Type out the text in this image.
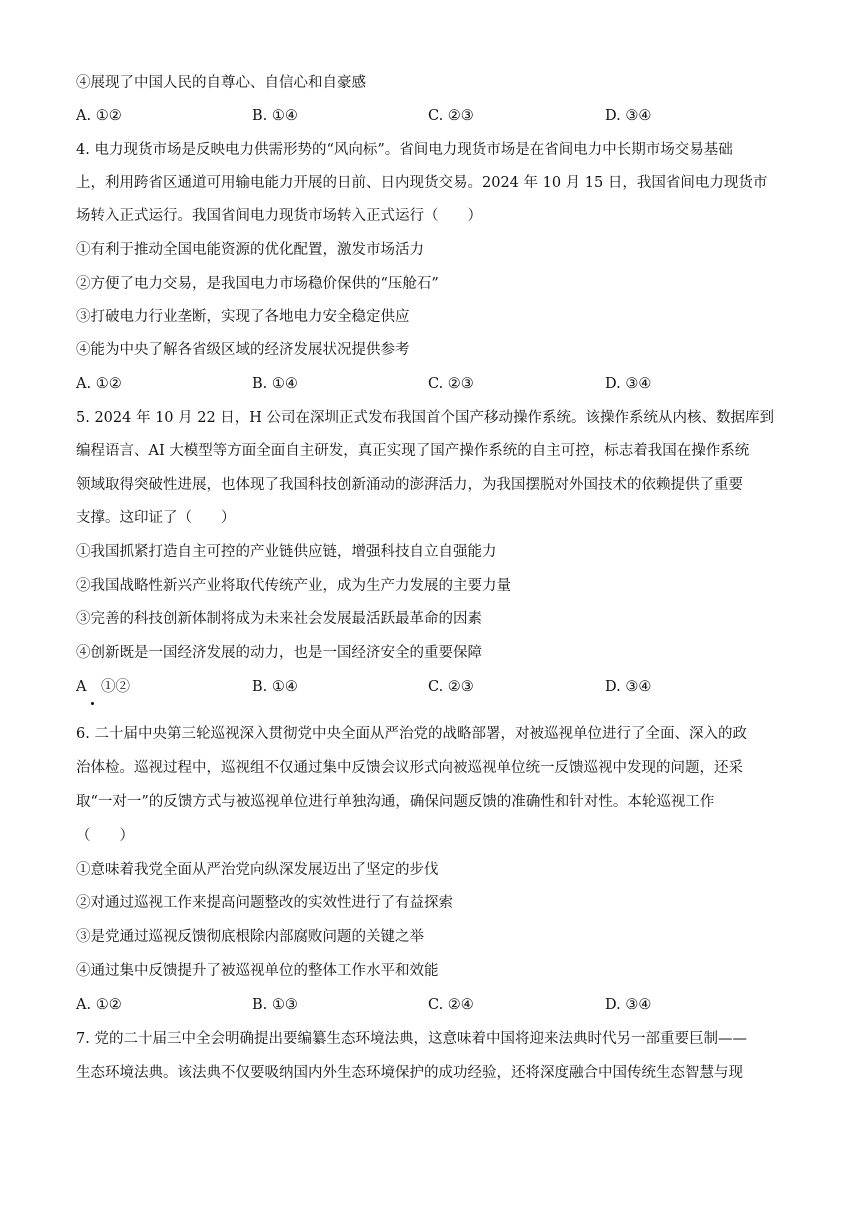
④展现了中国人民的自尊心、自信心和自豪感
A. ①②	B. ①④	C. ②③	D. ③④
4. 电力现货市场是反映电力供需形势的“风向标”。省间电力现货市场是在省间电力中长期市场交易基础
上，利用跨省区通道可用输电能力开展的日前、日内现货交易。2024 年 10 月 15 日，我国省间电力现货市
场转入正式运行。我国省间电力现货市场转入正式运行（　　）
①有利于推动全国电能资源的优化配置，激发市场活力
②方便了电力交易，是我国电力市场稳价保供的“压舱石”
③打破电力行业垄断，实现了各地电力安全稳定供应
④能为中央了解各省级区域的经济发展状况提供参考
A. ①②	B. ①④	C. ②③	D. ③④
5. 2024 年 10 月 22 日，H 公司在深圳正式发布我国首个国产移动操作系统。该操作系统从内核、数据库到
编程语言、AI 大模型等方面全面自主研发，真正实现了国产操作系统的自主可控，标志着我国在操作系统
领域取得突破性进展，也体现了我国科技创新涌动的澎湃活力，为我国摆脱对外国技术的依赖提供了重要
支撑。这印证了（　　）
①我国抓紧打造自主可控的产业链供应链，增强科技自立自强能力
②我国战略性新兴产业将取代传统产业，成为生产力发展的主要力量
③完善的科技创新体制将成为未来社会发展最活跃最革命的因素
④创新既是一国经济发展的动力，也是一国经济安全的重要保障
A　①②	B. ①④	C. ②③	D. ③④
6. 二十届中央第三轮巡视深入贯彻党中央全面从严治党的战略部署，对被巡视单位进行了全面、深入的政
治体检。巡视过程中，巡视组不仅通过集中反馈会议形式向被巡视单位统一反馈巡视中发现的问题，还采
取“一对一”的反馈方式与被巡视单位进行单独沟通，确保问题反馈的准确性和针对性。本轮巡视工作
（　　）
①意味着我党全面从严治党向纵深发展迈出了坚定的步伐
②对通过巡视工作来提高问题整改的实效性进行了有益探索
③是党通过巡视反馈彻底根除内部腐败问题的关键之举
④通过集中反馈提升了被巡视单位的整体工作水平和效能
A. ①②	B. ①③	C. ②④	D. ③④
7. 党的二十届三中全会明确提出要编纂生态环境法典，这意味着中国将迎来法典时代另一部重要巨制——
生态环境法典。该法典不仅要吸纳国内外生态环境保护的成功经验，还将深度融合中国传统生态智慧与现
